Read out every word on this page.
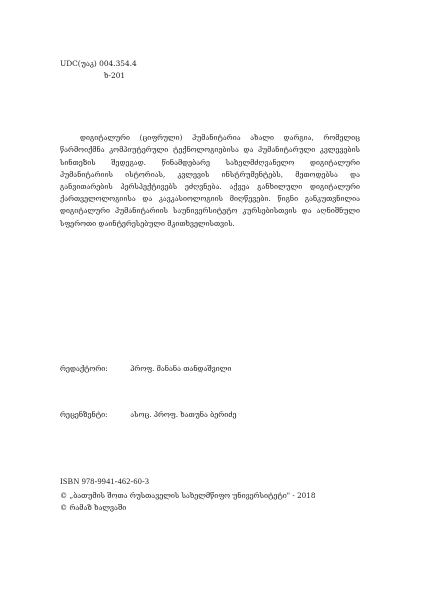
UDC(უაკ) 004.354.4
ხ-201

დიგიტალური (ციფრული) ჰუმანიტარია ახალი დარგია, რომელიც წარმოიქმნა კომპიუტერული ტექნოლოგიებისა და ჰუმანიტარული კვლევების სინთეზის შედეგად. წინამდებარე სახელმძღვანელო დიგიტალური ჰუმანიტარიის ისტორიას, კვლევის ინსტრუმენტებს, მეთოდებსა და განვითარების პერსპექტივებს ეძღვნება. აქვეა განხილული დიგიტალური ქართველოლოგიისა და კავკასიოლოგიის მიღწევები. წიგნი განკუთვნილია დიგიტალური ჰუმანიტარიის საუნივერსიტეტო კურსებისთვის და აღნიშნული სფეროთი დაინტერესებული მკითხველისთვის.

რედაქტორი:	პროფ. მანანა თანდაშვილი
რეცენზენტი:	ასოც. პროფ. ხათუნა ბერიძე
ISBN 978-9941-462-60-3
© „ბათუმის შოთა რუსთაველის სახელმწიფო უნივერსიტეტი" - 2018
© რამაზ ხალვაში
